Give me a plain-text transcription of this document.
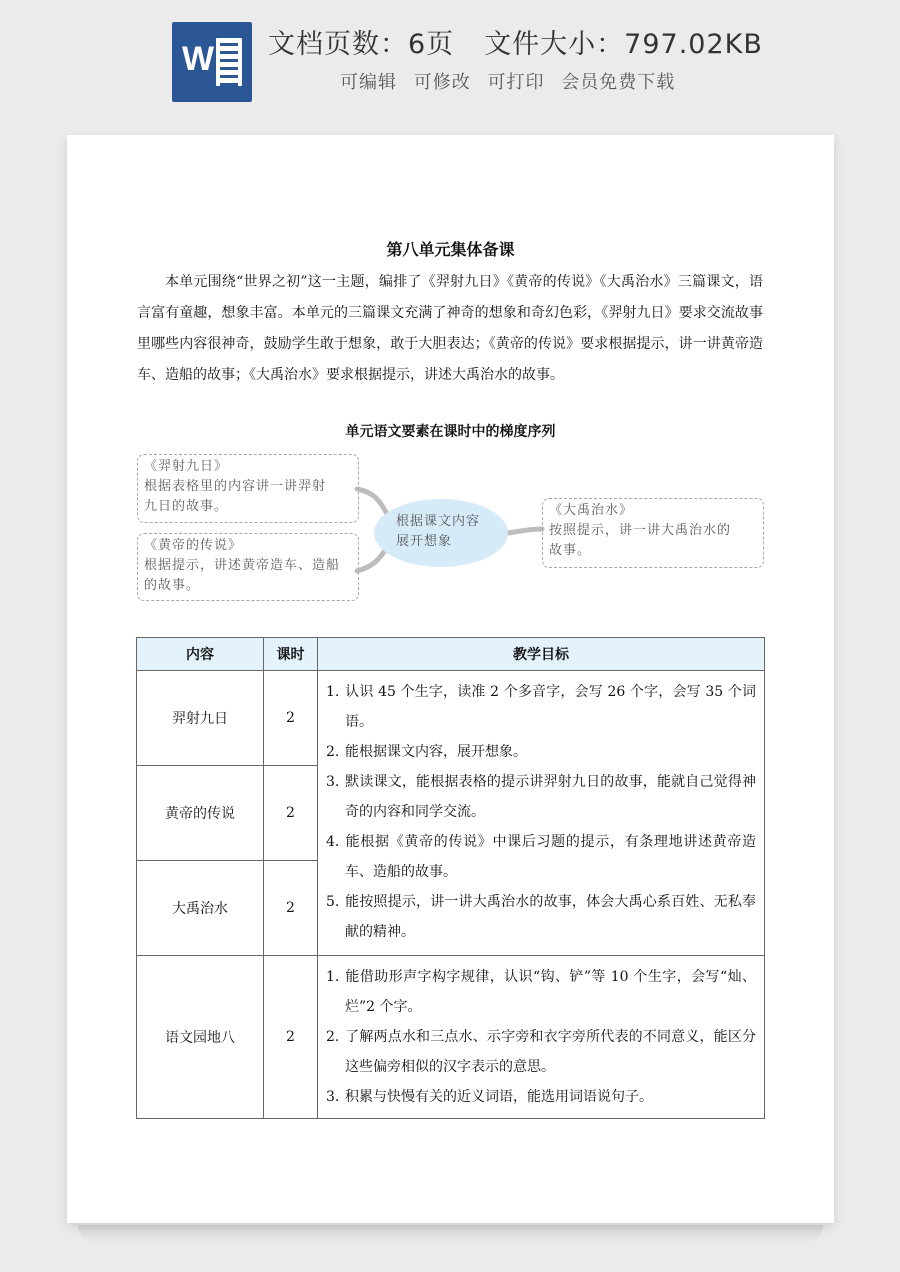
W 文档页数：6页 文件大小：797.02KB
可编辑 可修改 可打印 会员免费下载
第八单元集体备课

本单元围绕“世界之初”这一主题，编排了《羿射九日》《黄帝的传说》《大禹治水》三篇课文，语言富有童趣，想象丰富。本单元的三篇课文充满了神奇的想象和奇幻色彩，《羿射九日》要求交流故事里哪些内容很神奇，鼓励学生敢于想象，敢于大胆表达；《黄帝的传说》要求根据提示，讲一讲黄帝造车、造船的故事；《大禹治水》要求根据提示，讲述大禹治水的故事。

单元语文要素在课时中的梯度序列
《羿射九日》
根据表格里的内容讲一讲羿射
九日的故事。
《黄帝的传说》
根据提示，讲述黄帝造车、造船
的故事。
根据课文内容
展开想象
《大禹治水》
按照提示，讲一讲大禹治水的
故事。
内容	课时	教学目标
羿射九日	2	1. 认识 45 个生字，读准 2 个多音字，会写 26 个字，会写 35 个词语。
2. 能根据课文内容，展开想象。
3. 默读课文，能根据表格的提示讲羿射九日的故事，能就自己觉得神奇的内容和同学交流。
4. 能根据《黄帝的传说》中课后习题的提示，有条理地讲述黄帝造车、造船的故事。
5. 能按照提示，讲一讲大禹治水的故事，体会大禹心系百姓、无私奉献的精神。

黄帝的传说	2	
大禹治水	2	
语文园地八	2	1. 能借助形声字构字规律，认识“钩、铲”等 10 个生字，会写“灿、烂”2 个字。
2. 了解两点水和三点水、示字旁和衣字旁所代表的不同意义，能区分这些偏旁相似的汉字表示的意思。
3. 积累与快慢有关的近义词语，能选用词语说句子。
